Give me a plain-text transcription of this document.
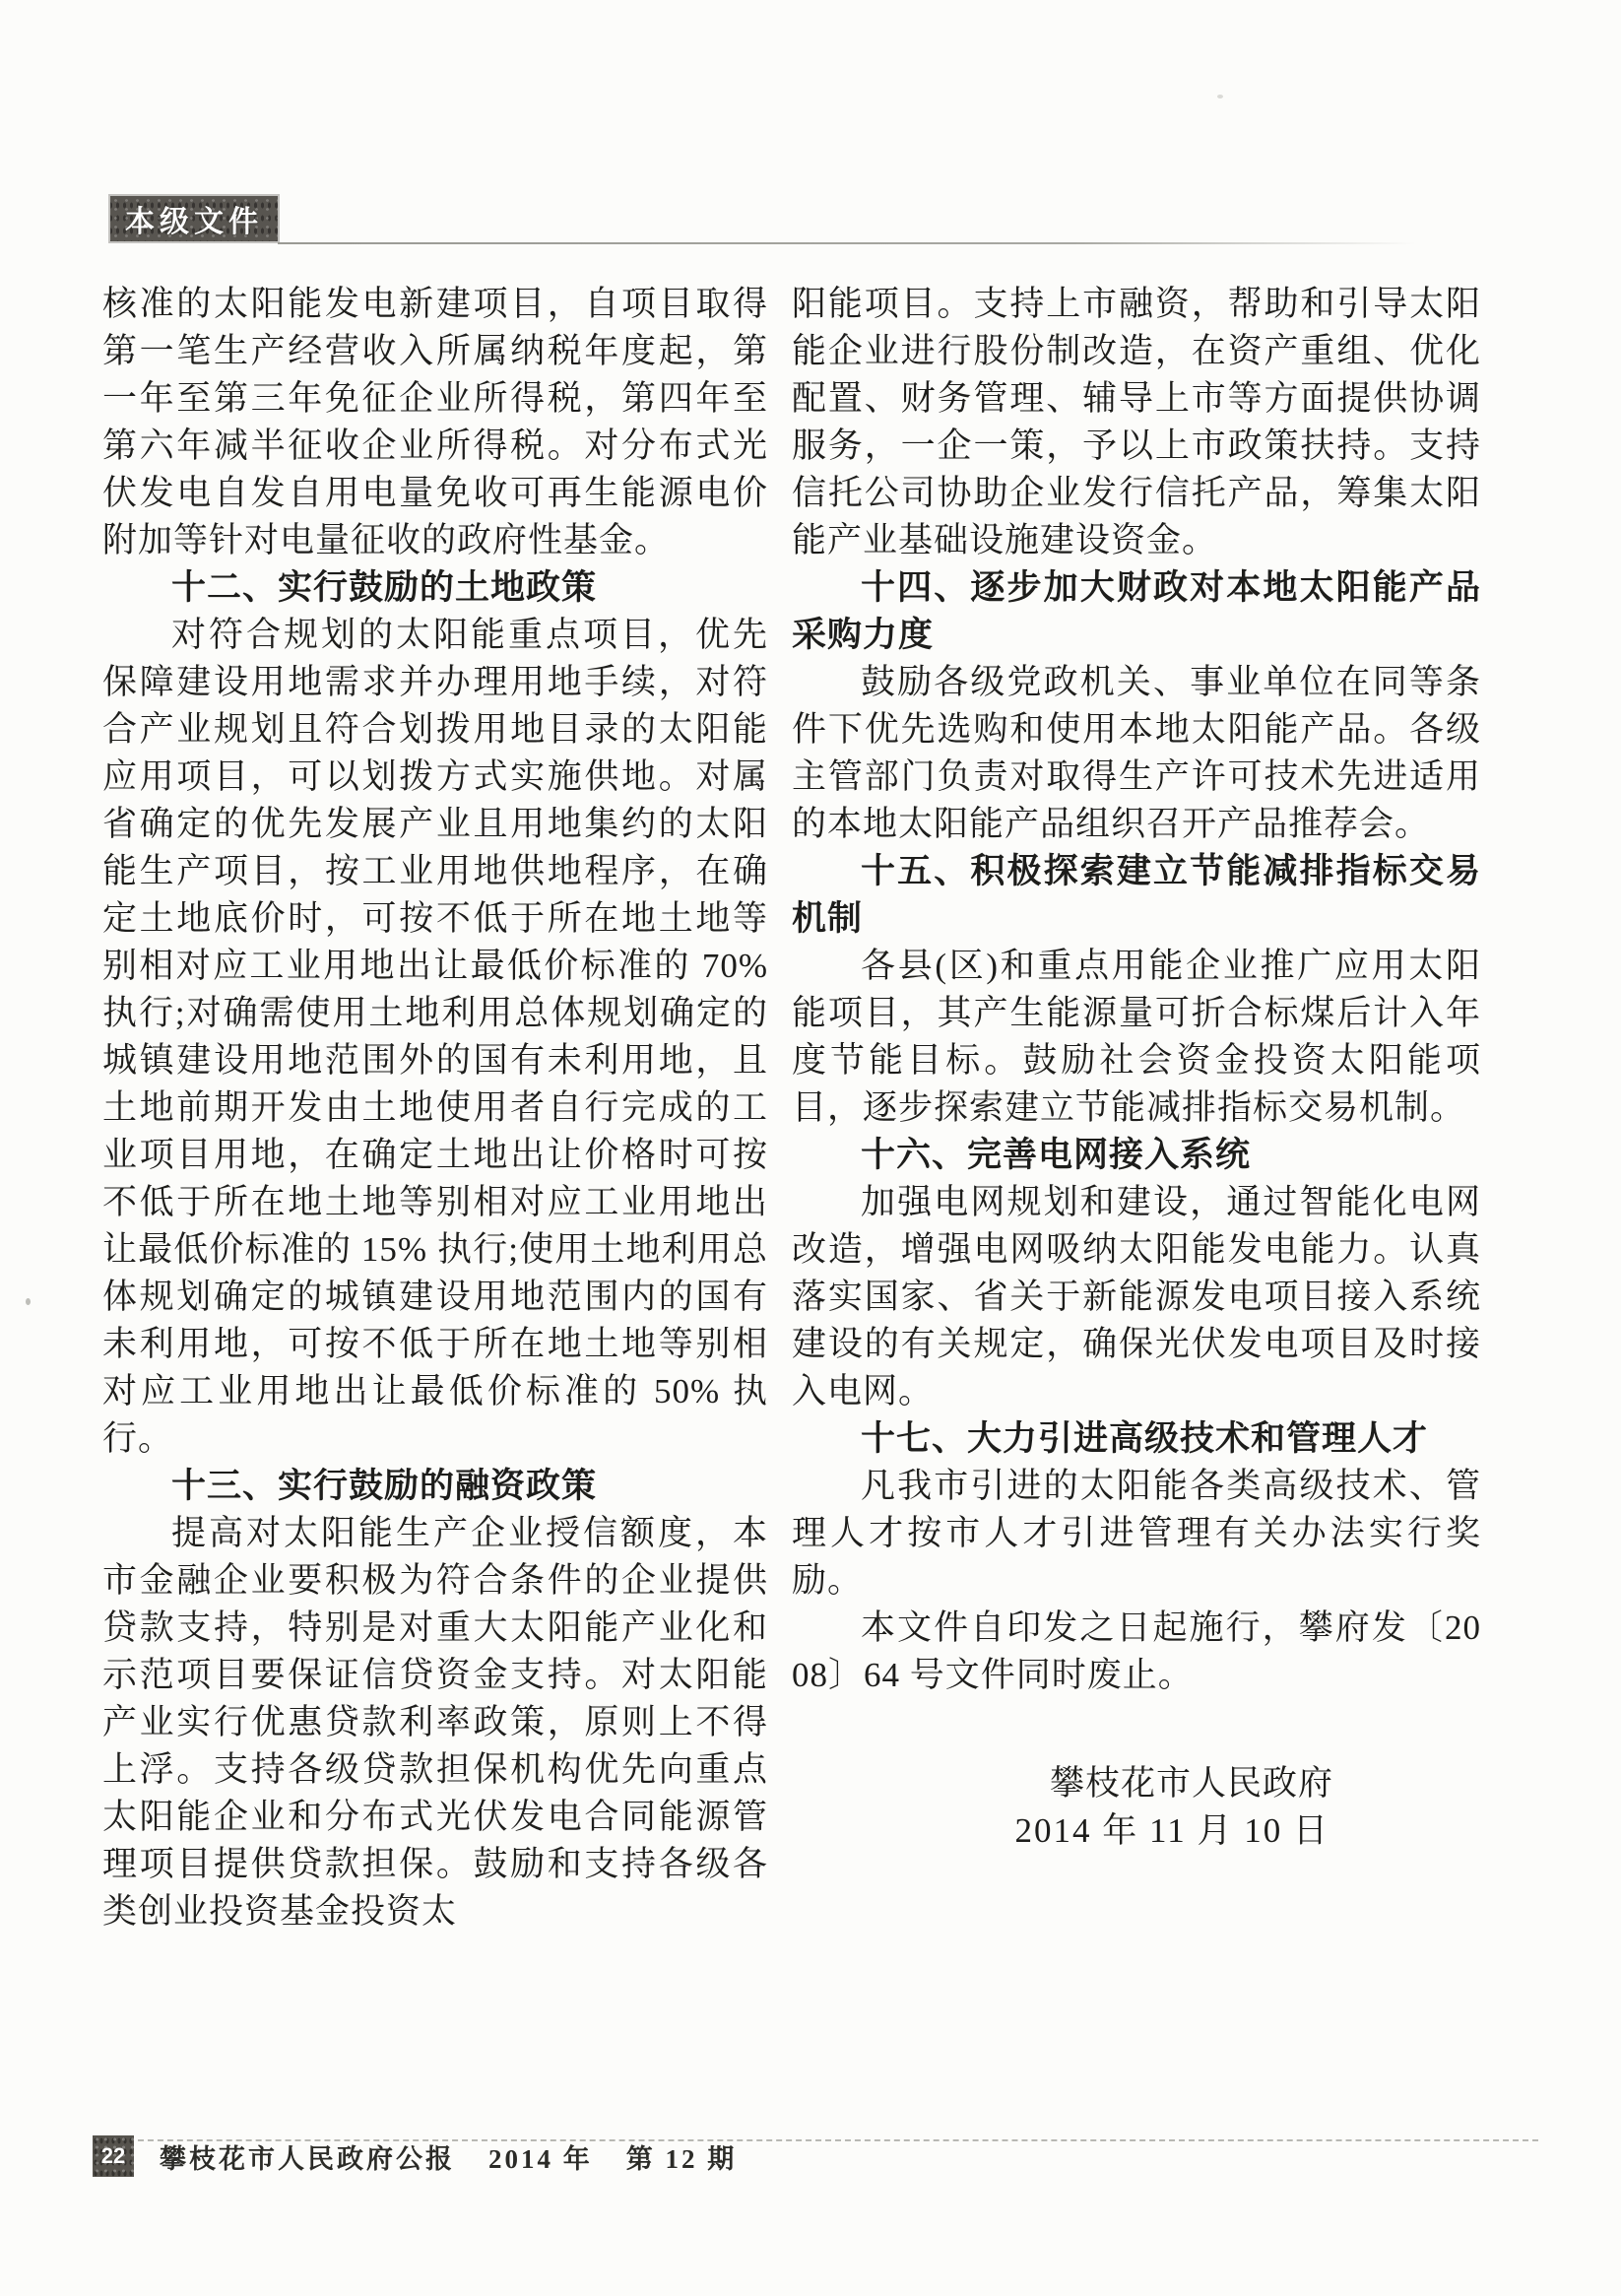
本级文件

核准的太阳能发电新建项目，自项目取得第一笔生产经营收入所属纳税年度起，第一年至第三年免征企业所得税，第四年至第六年减半征收企业所得税。对分布式光伏发电自发自用电量免收可再生能源电价附加等针对电量征收的政府性基金。

十二、实行鼓励的土地政策

对符合规划的太阳能重点项目，优先保障建设用地需求并办理用地手续，对符合产业规划且符合划拨用地目录的太阳能应用项目，可以划拨方式实施供地。对属省确定的优先发展产业且用地集约的太阳能生产项目，按工业用地供地程序，在确定土地底价时，可按不低于所在地土地等别相对应工业用地出让最低价标准的 70% 执行;对确需使用土地利用总体规划确定的城镇建设用地范围外的国有未利用地，且土地前期开发由土地使用者自行完成的工业项目用地，在确定土地出让价格时可按不低于所在地土地等别相对应工业用地出让最低价标准的 15% 执行;使用土地利用总体规划确定的城镇建设用地范围内的国有未利用地，可按不低于所在地土地等别相对应工业用地出让最低价标准的 50% 执行。

十三、实行鼓励的融资政策

提高对太阳能生产企业授信额度，本市金融企业要积极为符合条件的企业提供贷款支持，特别是对重大太阳能产业化和示范项目要保证信贷资金支持。对太阳能产业实行优惠贷款利率政策，原则上不得上浮。支持各级贷款担保机构优先向重点太阳能企业和分布式光伏发电合同能源管理项目提供贷款担保。鼓励和支持各级各类创业投资基金投资太

阳能项目。支持上市融资，帮助和引导太阳能企业进行股份制改造，在资产重组、优化配置、财务管理、辅导上市等方面提供协调服务，一企一策，予以上市政策扶持。支持信托公司协助企业发行信托产品，筹集太阳能产业基础设施建设资金。

十四、逐步加大财政对本地太阳能产品采购力度

鼓励各级党政机关、事业单位在同等条件下优先选购和使用本地太阳能产品。各级主管部门负责对取得生产许可技术先进适用的本地太阳能产品组织召开产品推荐会。

十五、积极探索建立节能减排指标交易机制

各县(区)和重点用能企业推广应用太阳能项目，其产生能源量可折合标煤后计入年度节能目标。鼓励社会资金投资太阳能项目，逐步探索建立节能减排指标交易机制。

十六、完善电网接入系统

加强电网规划和建设，通过智能化电网改造，增强电网吸纳太阳能发电能力。认真落实国家、省关于新能源发电项目接入系统建设的有关规定，确保光伏发电项目及时接入电网。

十七、大力引进高级技术和管理人才

凡我市引进的太阳能各类高级技术、管理人才按市人才引进管理有关办法实行奖励。

本文件自印发之日起施行，攀府发〔2008〕64 号文件同时废止。

攀枝花市人民政府

2014 年 11 月 10 日

22	攀枝花市人民政府公报 2014 年 第 12 期
